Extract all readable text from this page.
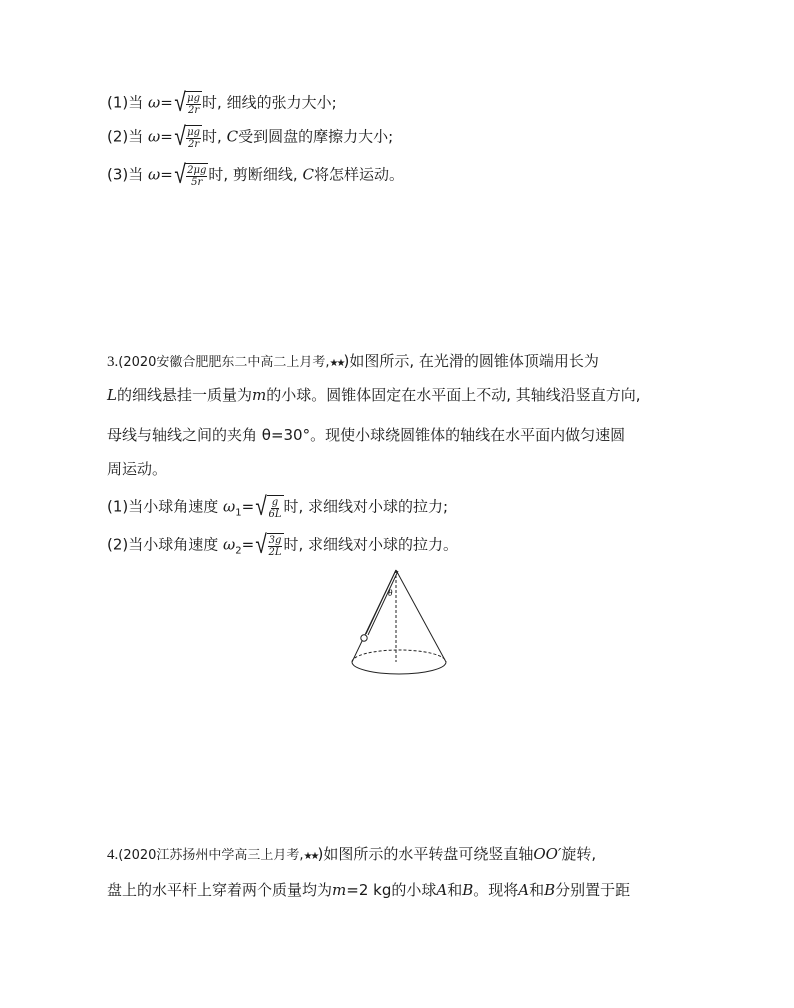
(1)当 ω= √ $\frac{\mu g}{2r}$ 时, 细线的张力大小;
(2)当 ω= √ $\frac{\mu g}{2r}$ 时, C受到圆盘的摩擦力大小;
(3)当 ω= √ $\frac{2\mu g}{5r}$ 时, 剪断细线, C将怎样运动。
3.(2020安徽合肥肥东二中高二上月考,★★)如图所示, 在光滑的圆锥体顶端用长为
L的细线悬挂一质量为m的小球。圆锥体固定在水平面上不动, 其轴线沿竖直方向,
母线与轴线之间的夹角 θ=30°。现使小球绕圆锥体的轴线在水平面内做匀速圆
周运动。
(1)当小球角速度 $\omega_1=$ √ $\frac{g}{6L}$ 时, 求细线对小球的拉力;
(2)当小球角速度 $\omega_2=$ √ $\frac{3g}{2L}$ 时, 求细线对小球的拉力。
θ
4.(2020江苏扬州中学高三上月考,★★)如图所示的水平转盘可绕竖直轴OO′旋转,
盘上的水平杆上穿着两个质量均为m=2 kg的小球A和B。现将A和B分别置于距
